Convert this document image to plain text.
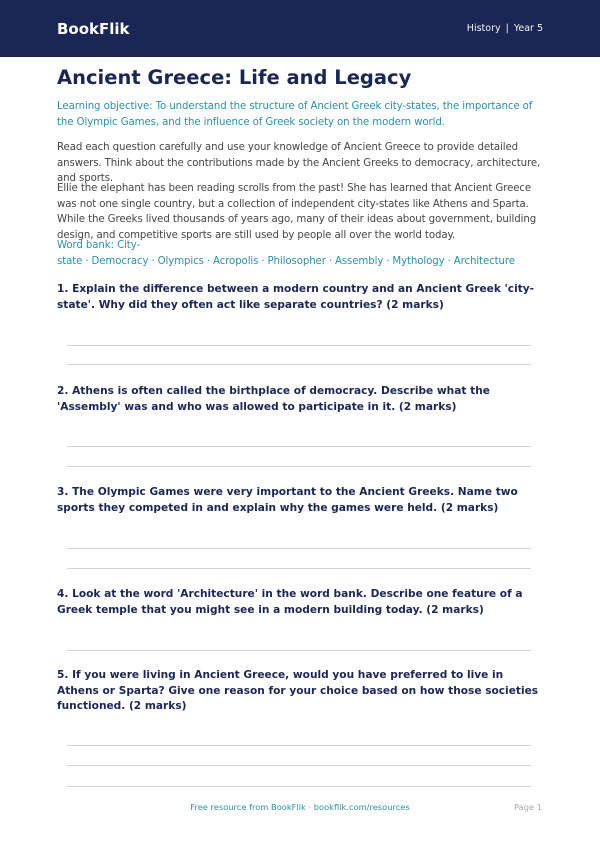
BookFlik	History | Year 5
Ancient Greece: Life and Legacy
Learning objective: To understand the structure of Ancient Greek city-states, the importance of the Olympic Games, and the influence of Greek society on the modern world.
Read each question carefully and use your knowledge of Ancient Greece to provide detailed answers. Think about the contributions made by the Ancient Greeks to democracy, architecture, and sports.
Ellie the elephant has been reading scrolls from the past! She has learned that Ancient Greece was not one single country, but a collection of independent city-states like Athens and Sparta. While the Greeks lived thousands of years ago, many of their ideas about government, building design, and competitive sports are still used by people all over the world today.
Word bank: City-state · Democracy · Olympics · Acropolis · Philosopher · Assembly · Mythology · Architecture
1. Explain the difference between a modern country and an Ancient Greek 'city-state'. Why did they often act like separate countries? (2 marks)
2. Athens is often called the birthplace of democracy. Describe what the 'Assembly' was and who was allowed to participate in it. (2 marks)
3. The Olympic Games were very important to the Ancient Greeks. Name two sports they competed in and explain why the games were held. (2 marks)
4. Look at the word 'Architecture' in the word bank. Describe one feature of a Greek temple that you might see in a modern building today. (2 marks)
5. If you were living in Ancient Greece, would you have preferred to live in Athens or Sparta? Give one reason for your choice based on how those societies functioned. (2 marks)
Free resource from BookFlik · bookflik.com/resources	Page 1
